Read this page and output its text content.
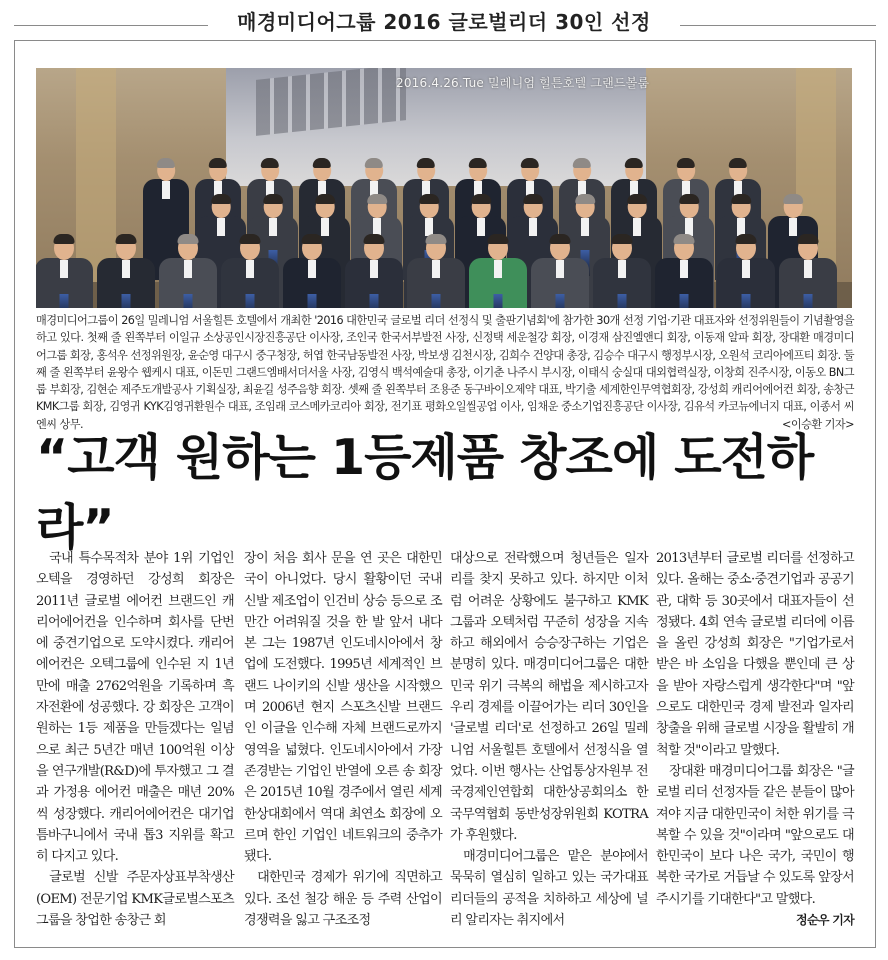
매경미디어그룹 2016 글로벌리더 30인 선정
2016.4.26.Tue 밀레니엄 힐튼호텔 그랜드볼룸
매경미디어그룹이 26일 밀레니엄 서울힐튼 호텔에서 개최한 '2016 대한민국 글로벌 리더 선정식 및 출판기념회'에 참가한 30개 선정 기업·기관 대표자와 선정위원들이 기념촬영을 하고 있다. 첫째 줄 왼쪽부터 이일규 소상공인시장진흥공단 이사장, 조인국 한국서부발전 사장, 신정택 세운철강 회장, 이경재 삼진엘앤디 회장, 이동재 알파 회장, 장대환 매경미디어그룹 회장, 홍석우 선정위원장, 윤순영 대구시 중구청장, 허엽 한국남동발전 사장, 박보생 김천시장, 김희수 건양대 총장, 김승수 대구시 행정부시장, 오원석 코리아에프티 회장. 둘째 줄 왼쪽부터 윤왕수 웹케시 대표, 이돈민 그랜드엠배서더서울 사장, 김영식 백석예술대 총장, 이기춘 나주시 부시장, 이태식 숭실대 대외협력실장, 이창희 진주시장, 이동오 BN그룹 부회장, 김현순 제주도개발공사 기획실장, 최윤길 성주음향 회장. 셋째 줄 왼쪽부터 조용준 동구바이오제약 대표, 박기출 세계한인무역협회장, 강성희 캐리어에어컨 회장, 송창근 KMK그룹 회장, 김영귀 KYK김영귀환원수 대표, 조임래 코스메카코리아 회장, 전기표 평화오일씰공업 이사, 임채운 중소기업진흥공단 이사장, 김유석 카코뉴에너지 대표, 이종서 씨엔씨 상무.	<이승환 기자>
“고객 원하는 1등제품 창조에 도전하라”

국내 특수목적차 분야 1위 기업인 오텍을 경영하던 강성희 회장은 2011년 글로벌 에어컨 브랜드인 캐리어에어컨을 인수하며 회사를 단번에 중견기업으로 도약시켰다. 캐리어에어컨은 오텍그룹에 인수된 지 1년 만에 매출 2762억원을 기록하며 흑자전환에 성공했다. 강 회장은 고객이 원하는 1등 제품을 만들겠다는 일념으로 최근 5년간 매년 100억원 이상을 연구개발(R&D)에 투자했고 그 결과 가정용 에어컨 매출은 매년 20%씩 성장했다. 캐리어에어컨은 대기업 틈바구니에서 국내 톱3 지위를 확고히 다지고 있다.

글로벌 신발 주문자상표부착생산(OEM) 전문기업 KMK글로벌스포츠그룹을 창업한 송창근 회

장이 처음 회사 문을 연 곳은 대한민국이 아니었다. 당시 활황이던 국내 신발 제조업이 인건비 상승 등으로 조만간 어려워질 것을 한 발 앞서 내다본 그는 1987년 인도네시아에서 창업에 도전했다. 1995년 세계적인 브랜드 나이키의 신발 생산을 시작했으며 2006년 현지 스포츠신발 브랜드인 이글을 인수해 자체 브랜드로까지 영역을 넓혔다. 인도네시아에서 가장 존경받는 기업인 반열에 오른 송 회장은 2015년 10월 경주에서 열린 세계한상대회에서 역대 최연소 회장에 오르며 한인 기업인 네트워크의 중추가 됐다.

대한민국 경제가 위기에 직면하고 있다. 조선 철강 해운 등 주력 산업이 경쟁력을 잃고 구조조정

대상으로 전락했으며 청년들은 일자리를 찾지 못하고 있다. 하지만 이처럼 어려운 상황에도 불구하고 KMK그룹과 오텍처럼 꾸준히 성장을 지속하고 해외에서 승승장구하는 기업은 분명히 있다. 매경미디어그룹은 대한민국 위기 극복의 해법을 제시하고자 우리 경제를 이끌어가는 리더 30인을 '글로벌 리더'로 선정하고 26일 밀레니엄 서울힐튼 호텔에서 선정식을 열었다. 이번 행사는 산업통상자원부 전국경제인연합회 대한상공회의소 한국무역협회 동반성장위원회 KOTRA가 후원했다.

매경미디어그룹은 맡은 분야에서 묵묵히 열심히 일하고 있는 국가대표 리더들의 공적을 치하하고 세상에 널리 알리자는 취지에서

2013년부터 글로벌 리더를 선정하고 있다. 올해는 중소·중견기업과 공공기관, 대학 등 30곳에서 대표자들이 선정됐다. 4회 연속 글로벌 리더에 이름을 올린 강성희 회장은 "기업가로서 받은 바 소임을 다했을 뿐인데 큰 상을 받아 자랑스럽게 생각한다"며 "앞으로도 대한민국 경제 발전과 일자리 창출을 위해 글로벌 시장을 활발히 개척할 것"이라고 말했다.

장대환 매경미디어그룹 회장은 "글로벌 리더 선정자들 같은 분들이 많아져야 지금 대한민국이 처한 위기를 극복할 수 있을 것"이라며 "앞으로도 대한민국이 보다 나은 국가, 국민이 행복한 국가로 거듭날 수 있도록 앞장서 주시기를 기대한다"고 말했다.

정순우 기자
